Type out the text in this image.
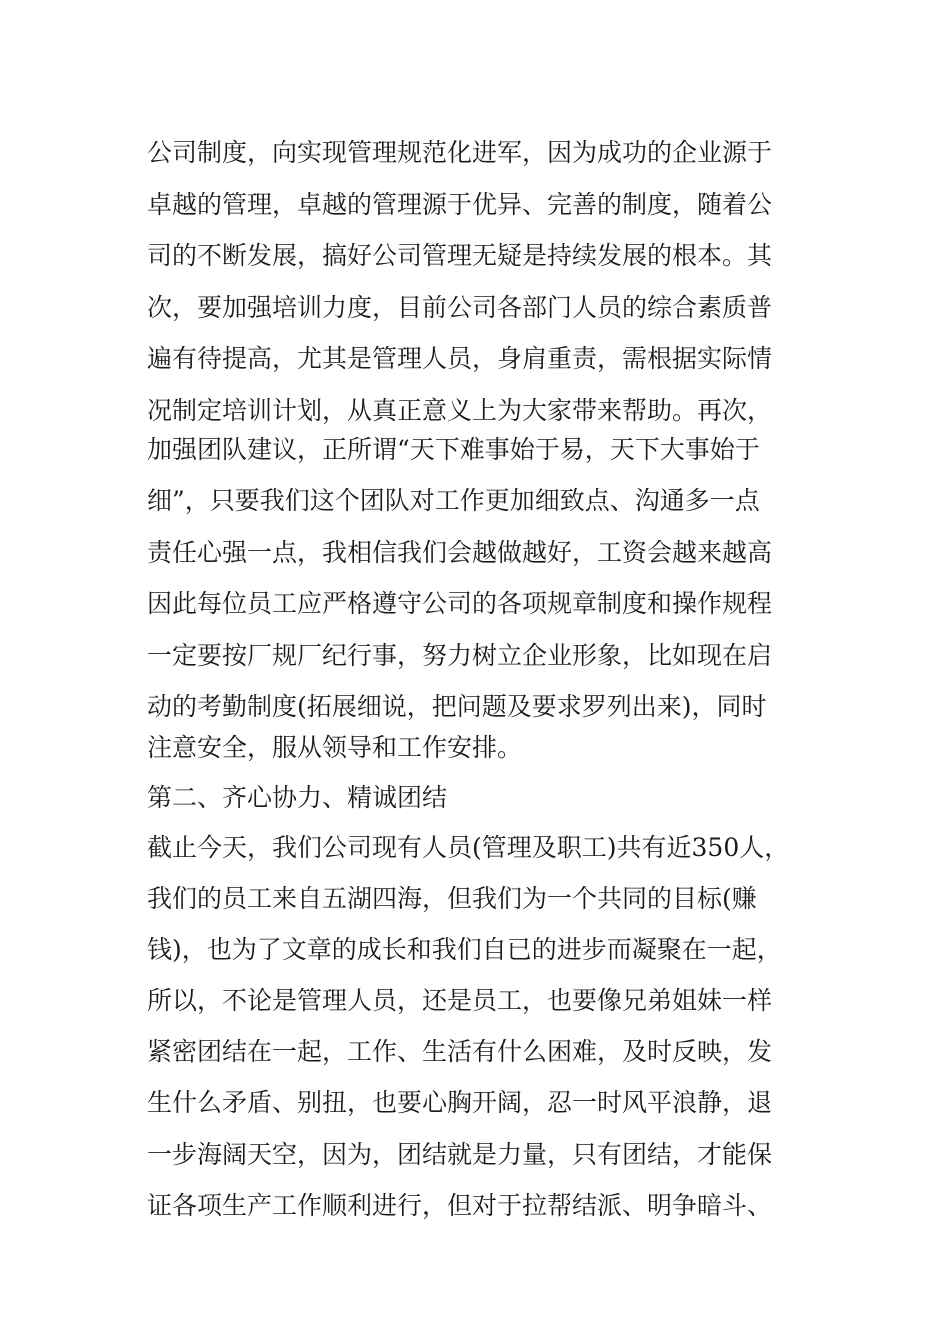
公司制度，向实现管理规范化进军，因为成功的企业源于
卓越的管理，卓越的管理源于优异、完善的制度，随着公
司的不断发展，搞好公司管理无疑是持续发展的根本。其
次，要加强培训力度，目前公司各部门人员的综合素质普
遍有待提高，尤其是管理人员，身肩重责，需根据实际情
况制定培训计划，从真正意义上为大家带来帮助。再次，
加强团队建议，正所谓“天下难事始于易，天下大事始于
细”，只要我们这个团队对工作更加细致点、沟通多一点
责任心强一点，我相信我们会越做越好，工资会越来越高
因此每位员工应严格遵守公司的各项规章制度和操作规程
一定要按厂规厂纪行事，努力树立企业形象，比如现在启
动的考勤制度(拓展细说，把问题及要求罗列出来)，同时
注意安全，服从领导和工作安排。
第二、齐心协力、精诚团结
截止今天，我们公司现有人员(管理及职工)共有近350人，
我们的员工来自五湖四海，但我们为一个共同的目标(赚
钱)，也为了文章的成长和我们自已的进步而凝聚在一起，
所以，不论是管理人员，还是员工，也要像兄弟姐妹一样
紧密团结在一起，工作、生活有什么困难，及时反映，发
生什么矛盾、别扭，也要心胸开阔，忍一时风平浪静，退
一步海阔天空，因为，团结就是力量，只有团结，才能保
证各项生产工作顺利进行，但对于拉帮结派、明争暗斗、
